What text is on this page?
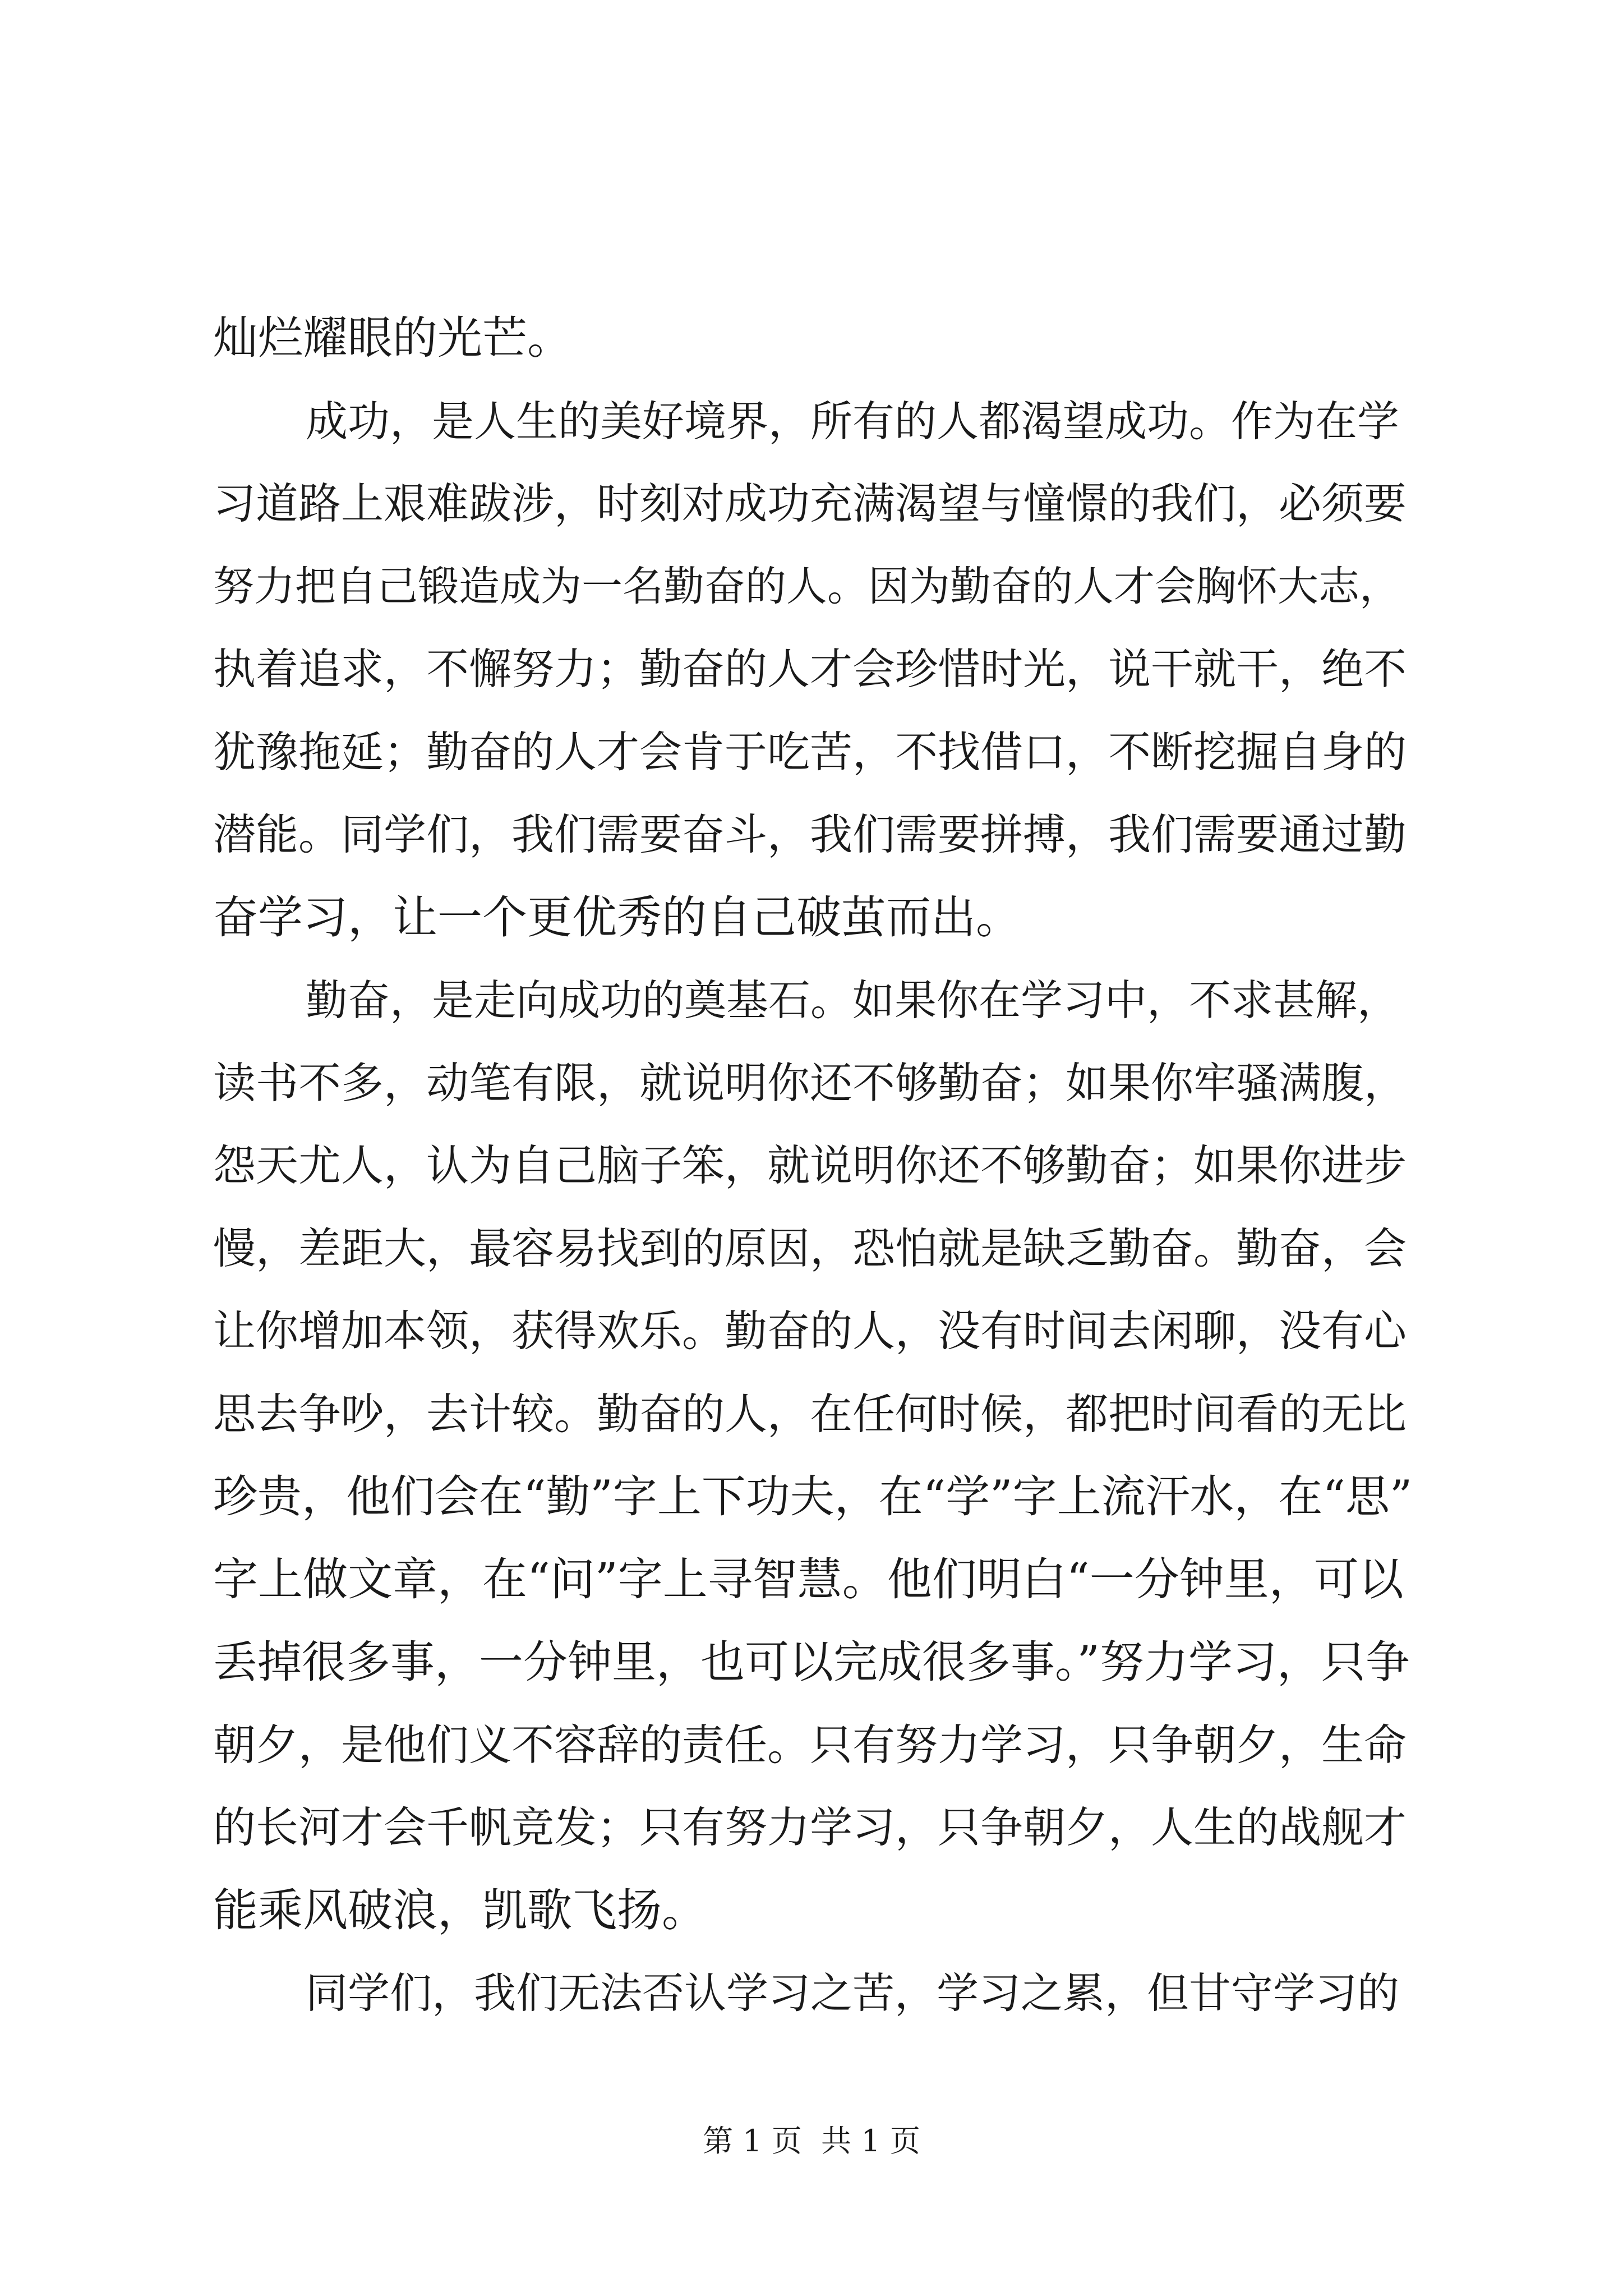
灿烂耀眼的光芒。
成功，是人生的美好境界，所有的人都渴望成功。作为在学
习道路上艰难跋涉，时刻对成功充满渴望与憧憬的我们，必须要
努力把自己锻造成为一名勤奋的人。因为勤奋的人才会胸怀大志，
执着追求，不懈努力；勤奋的人才会珍惜时光，说干就干，绝不
犹豫拖延；勤奋的人才会肯于吃苦，不找借口，不断挖掘自身的
潜能。同学们，我们需要奋斗，我们需要拼搏，我们需要通过勤
奋学习，让一个更优秀的自己破茧而出。
勤奋，是走向成功的奠基石。如果你在学习中，不求甚解，
读书不多，动笔有限，就说明你还不够勤奋；如果你牢骚满腹，
怨天尤人，认为自己脑子笨，就说明你还不够勤奋；如果你进步
慢，差距大，最容易找到的原因，恐怕就是缺乏勤奋。勤奋，会
让你增加本领，获得欢乐。勤奋的人，没有时间去闲聊，没有心
思去争吵，去计较。勤奋的人，在任何时候，都把时间看的无比
珍贵，他们会在“勤”字上下功夫，在“学”字上流汗水，在“思”
字上做文章，在“问”字上寻智慧。他们明白“一分钟里，可以
丢掉很多事，一分钟里，也可以完成很多事。”努力学习，只争
朝夕，是他们义不容辞的责任。只有努力学习，只争朝夕，生命
的长河才会千帆竞发；只有努力学习，只争朝夕，人生的战舰才
能乘风破浪，凯歌飞扬。
同学们，我们无法否认学习之苦，学习之累，但甘守学习的
第 1 页  共 1 页
